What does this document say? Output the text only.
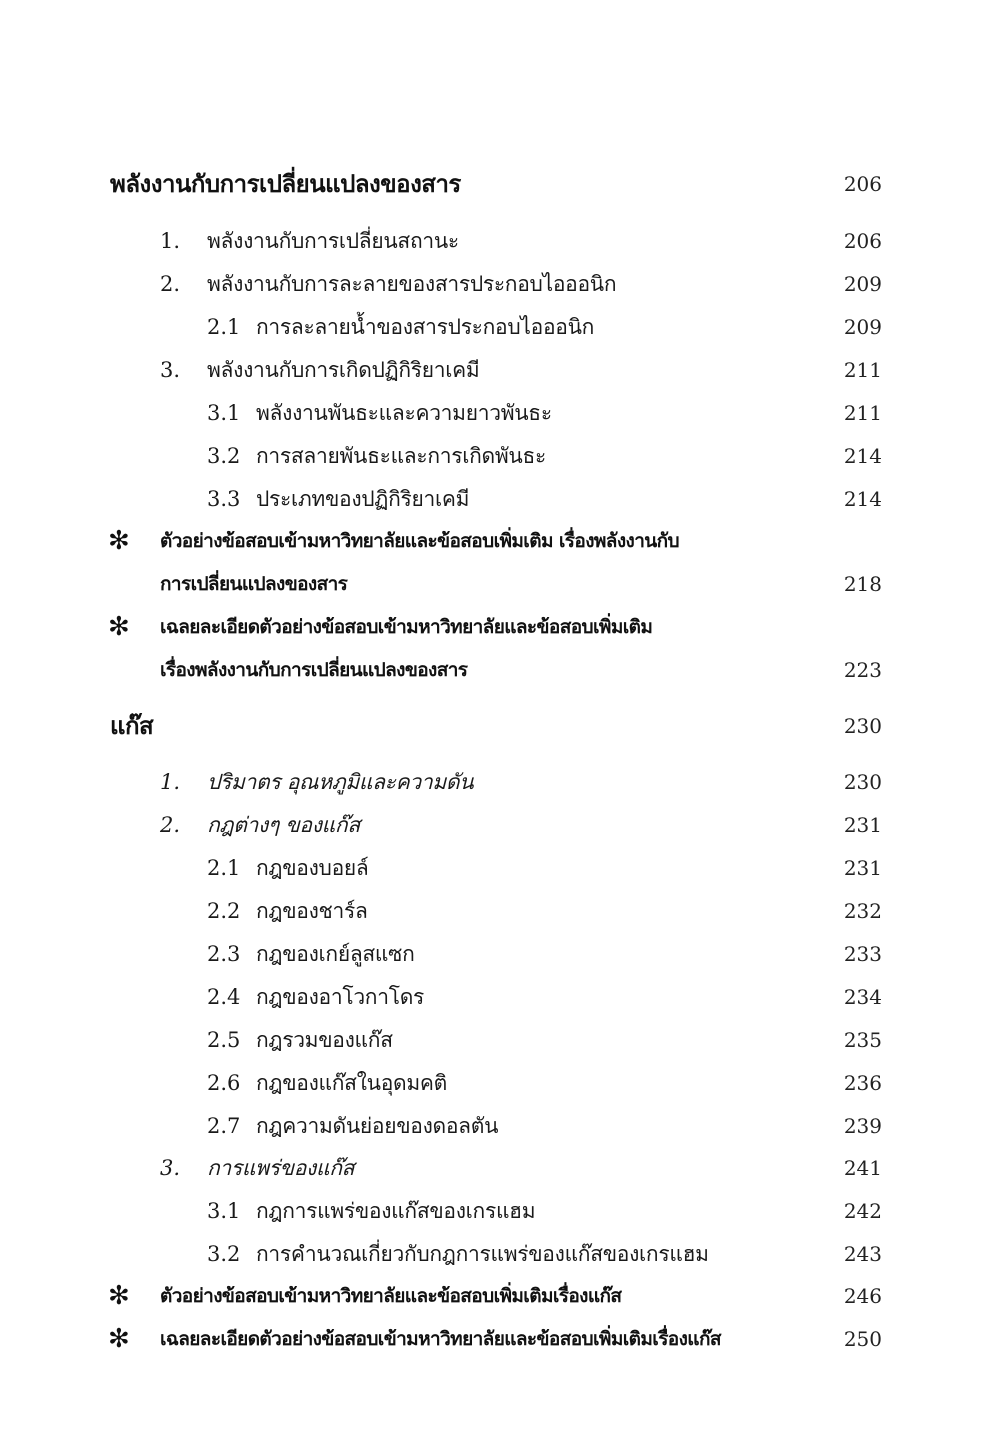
พลังงานกับการเปลี่ยนแปลงของสาร	206
1. พลังงานกับการเปลี่ยนสถานะ	206
2. พลังงานกับการละลายของสารประกอบไอออนิก	209
2.1 การละลายน้ำของสารประกอบไอออนิก	209
3. พลังงานกับการเกิดปฏิกิริยาเคมี	211
3.1 พลังงานพันธะและความยาวพันธะ	211
3.2 การสลายพันธะและการเกิดพันธะ	214
3.3 ประเภทของปฏิกิริยาเคมี	214
✻ ตัวอย่างข้อสอบเข้ามหาวิทยาลัยและข้อสอบเพิ่มเติม เรื่องพลังงานกับ
การเปลี่ยนแปลงของสาร	218
✻ เฉลยละเอียดตัวอย่างข้อสอบเข้ามหาวิทยาลัยและข้อสอบเพิ่มเติม
เรื่องพลังงานกับการเปลี่ยนแปลงของสาร	223
แก๊ส	230
1. ปริมาตร อุณหภูมิและความดัน	230
2. กฎต่างๆ ของแก๊ส	231
2.1 กฎของบอยล์	231
2.2 กฎของชาร์ล	232
2.3 กฎของเกย์ลูสแซก	233
2.4 กฎของอาโวกาโดร	234
2.5 กฎรวมของแก๊ส	235
2.6 กฎของแก๊สในอุดมคติ	236
2.7 กฎความดันย่อยของดอลตัน	239
3. การแพร่ของแก๊ส	241
3.1 กฎการแพร่ของแก๊สของเกรแฮม	242
3.2 การคำนวณเกี่ยวกับกฎการแพร่ของแก๊สของเกรแฮม	243
✻ ตัวอย่างข้อสอบเข้ามหาวิทยาลัยและข้อสอบเพิ่มเติมเรื่องแก๊ส	246
✻ เฉลยละเอียดตัวอย่างข้อสอบเข้ามหาวิทยาลัยและข้อสอบเพิ่มเติมเรื่องแก๊ส	250
